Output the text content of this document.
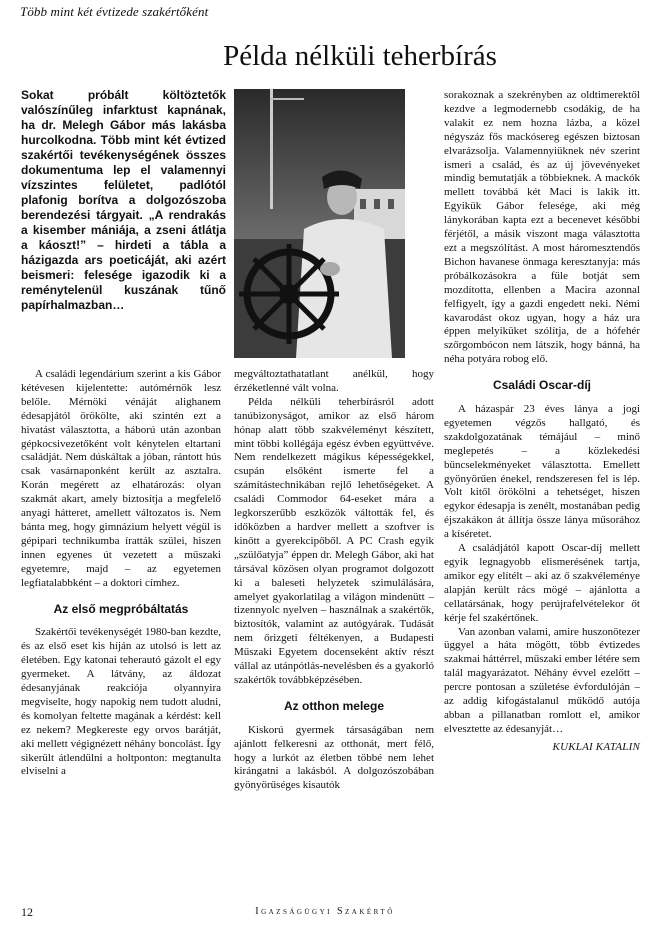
Több mint két évtizede szakértőként
Példa nélküli teherbírás

Sokat próbált költöztetők valószínűleg infarktust kapnának, ha dr. Melegh Gábor más lakásba hurcolkodna. Több mint két évtized szakértői tevékenységének összes dokumentuma lep el valamennyi vízszintes felületet, padlótól plafonig borítva a dolgozószoba berendezési tárgyait. „A rendrakás a kisember mániája, a zseni átlátja a káoszt!” – hirdeti a tábla a házigazda ars poeticáját, aki azért beismeri: felesége igazodik ki a reménytelenül kuszának tűnő papírhalmazban…

A családi legendárium szerint a kis Gábor kétévesen kijelentette: autómérnök lesz belőle. Mérnöki vénáját alighanem édesapjától örökölte, aki szintén ezt a hivatást választotta, a háború után azonban gépkocsivezetőként volt kénytelen eltartani családját. Nem dúskáltak a jóban, rántott hús csak vasárnaponként került az asztalra. Korán megérett az elhatározás: olyan szakmát akart, amely biztosítja a megfelelő anyagi hátteret, amellett változatos is. Nem bánta meg, hogy gimnázium helyett végül is gépipari technikumba íratták szülei, hiszen innen egyenes út vezetett a műszaki egyetemre, majd – az egyetemen legfiatalabbként – a doktori címhez.

Az első megpróbáltatás

Szakértői tevékenységét 1980-ban kezdte, és az első eset kis híján az utolsó is lett az életében. Egy katonai teherautó gázolt el egy gyermeket. A látvány, az áldozat édesanyjának reakciója olyannyira megviselte, hogy napokig nem tudott aludni, és komolyan feltette magának a kérdést: kell ez nekem? Megkereste egy orvos barátját, aki mellett végignézett néhány boncolást. Így sikerült átlendülni a holtponton: megtanulta elviselni a

megváltoztathatatlant anélkül, hogy érzéketlenné vált volna.

Példa nélküli teherbírásról adott tanúbizonyságot, amikor az első három hónap alatt több szakvéleményt készített, mint többi kollégája egész évben együttvéve. Nem rendelkezett mágikus képességekkel, csupán elsőként ismerte fel a számítástechnikában rejlő lehetőségeket. A családi Commodor 64-eseket mára a legkorszerűbb eszközök váltották fel, és időközben a hardver mellett a szoftver is kinőtt a gyerekcipőből. A PC Crash egyik „szülőatyja” éppen dr. Melegh Gábor, aki hat társával közösen olyan programot dolgozott ki a baleseti helyzetek szimulálására, amelyet gyakorlatilag a világon mindenütt – tizennyolc nyelven – használnak a szakértők, biztosítók, valamint az autógyárak. Tudását nem őrizgeti féltékenyen, a Budapesti Műszaki Egyetem docenseként aktív részt vállal az utánpótlás-nevelésben és a gyakorló szakértők továbbképzésében.

Az otthon melege

Kiskorú gyermek társaságában nem ajánlott felkeresni az otthonát, mert félő, hogy a lurkót az életben többé nem lehet kirángatni a lakásból. A dolgozószobában gyönyörűséges kisautók

sorakoznak a szekrényben az oldtimerektől kezdve a legmodernebb csodákig, de ha valakit ez nem hozna lázba, a közel négyszáz fős mackósereg egészen biztosan elvarázsolja. Valamennyiüknek név szerint ismeri a család, és az új jövevényeket mindig bemutatják a többieknek. A mackók mellett továbbá két Maci is lakik itt. Egyikük Gábor felesége, aki még lánykorában kapta ezt a becenevet későbbi férjétől, a másik viszont maga választotta ezt a megszólítást. A most háromesztendős Bichon havanese önmaga keresztanyja: más próbálkozásokra a füle botját sem mozdította, ellenben a Macira azonnal felfigyelt, így a gazdi engedett neki. Némi kavarodást okoz ugyan, hogy a ház ura éppen melyiküket szólítja, de a hófehér szőrgombócon nem látszik, hogy bánná, ha néha potyára robog elő.

Családi Oscar-díj

A házaspár 23 éves lánya a jogi egyetemen végzős hallgató, és szakdolgozatának témájául – minő meglepetés – a közlekedési bűncselekményeket választotta. Emellett gyönyörűen énekel, rendszeresen fel is lép. Volt kitől örökölni a tehetséget, hiszen egykor édesapja is zenélt, mostanában pedig éjszakákon át állítja össze lánya műsorához a kíséretet.

A családjától kapott Oscar-díj mellett egyik legnagyobb elismerésének tartja, amikor egy elítélt – aki az ő szakvéleménye alapján került rács mögé – ajánlotta a cellatársának, hogy perújrafelvételekor őt kérje fel szakértőnek.

Van azonban valami, amire huszonötezer üggyel a háta mögött, több évtizedes szakmai háttérrel, műszaki ember létére sem talál magyarázatot. Néhány évvel ezelőtt – percre pontosan a születése évfordulóján – az addig kifogástalanul működő autója abban a pillanatban romlott el, amikor elvesztette az édesanyját…

KUKLAI KATALIN
12	Igazságügyi Szakértő
